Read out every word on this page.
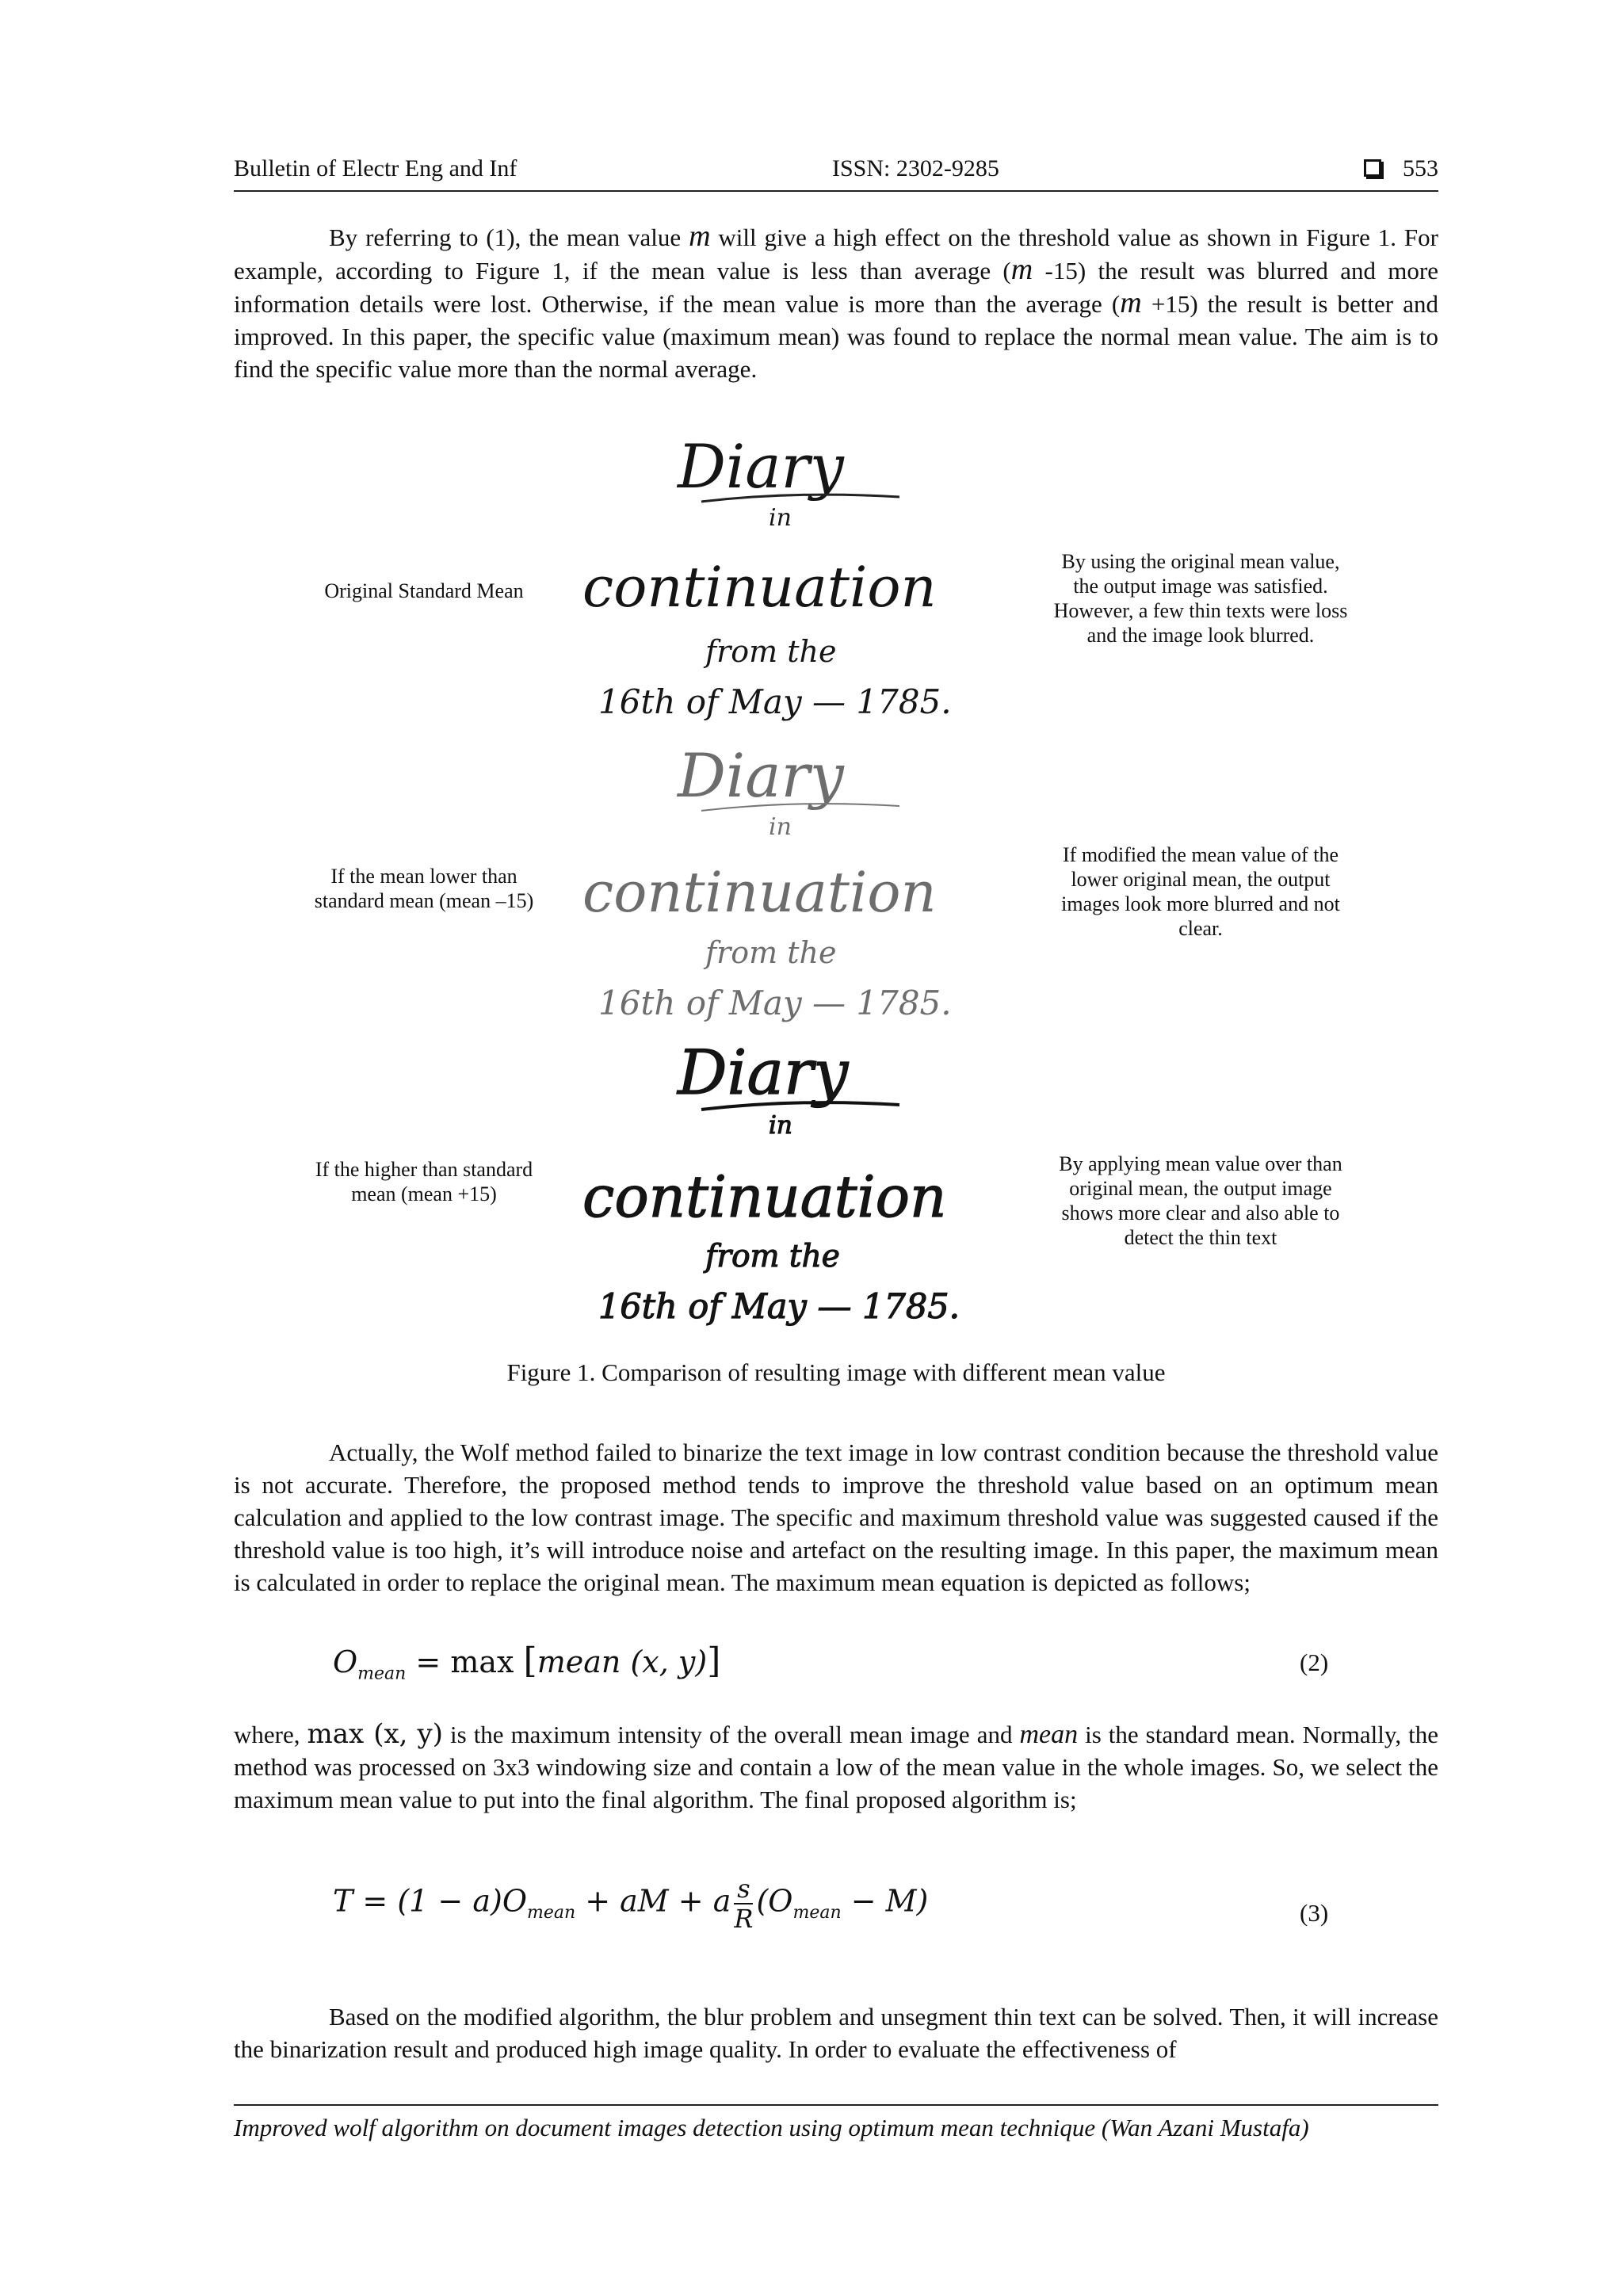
Bulletin of Electr Eng and Inf	ISSN: 2302-9285	553

By referring to (1), the mean value m will give a high effect on the threshold value as shown in Figure 1. For example, according to Figure 1, if the mean value is less than average (m -15) the result was blurred and more information details were lost. Otherwise, if the mean value is more than the average (m +15) the result is better and improved. In this paper, the specific value (maximum mean) was found to replace the normal mean value. The aim is to find the specific value more than the normal average.

Original Standard Mean
Diary
in
continuation
from the
16th of May — 1785.
By using the original mean value, the output image was satisfied. However, a few thin texts were loss and the image look blurred.
If the mean lower than standard mean (mean –15)
Diary
in
continuation
from the
16th of May — 1785.
If modified the mean value of the lower original mean, the output images look more blurred and not clear.
If the higher than standard mean (mean +15)
Diary
in
continuation
from the
16th of May — 1785.
By applying mean value over than original mean, the output image shows more clear and also able to detect the thin text
Figure 1. Comparison of resulting image with different mean value

Actually, the Wolf method failed to binarize the text image in low contrast condition because the threshold value is not accurate. Therefore, the proposed method tends to improve the threshold value based on an optimum mean calculation and applied to the low contrast image. The specific and maximum threshold value was suggested caused if the threshold value is too high, it’s will introduce noise and artefact on the resulting image. In this paper, the maximum mean is calculated in order to replace the original mean. The maximum mean equation is depicted as follows;

$O_{mean} = \max$ [mean (x, y)]	(2)

where, max (x, y) is the maximum intensity of the overall mean image and mean is the standard mean. Normally, the method was processed on 3x3 windowing size and contain a low of the mean value in the whole images. So, we select the maximum mean value to put into the final algorithm. The final proposed algorithm is;

$T = (1 - a)O_{mean}$ + aM + a $\frac{s}{R} (O_{mean} - M)$	(3)

Based on the modified algorithm, the blur problem and unsegment thin text can be solved. Then, it will increase the binarization result and produced high image quality. In order to evaluate the effectiveness of

Improved wolf algorithm on document images detection using optimum mean technique (Wan Azani Mustafa)
